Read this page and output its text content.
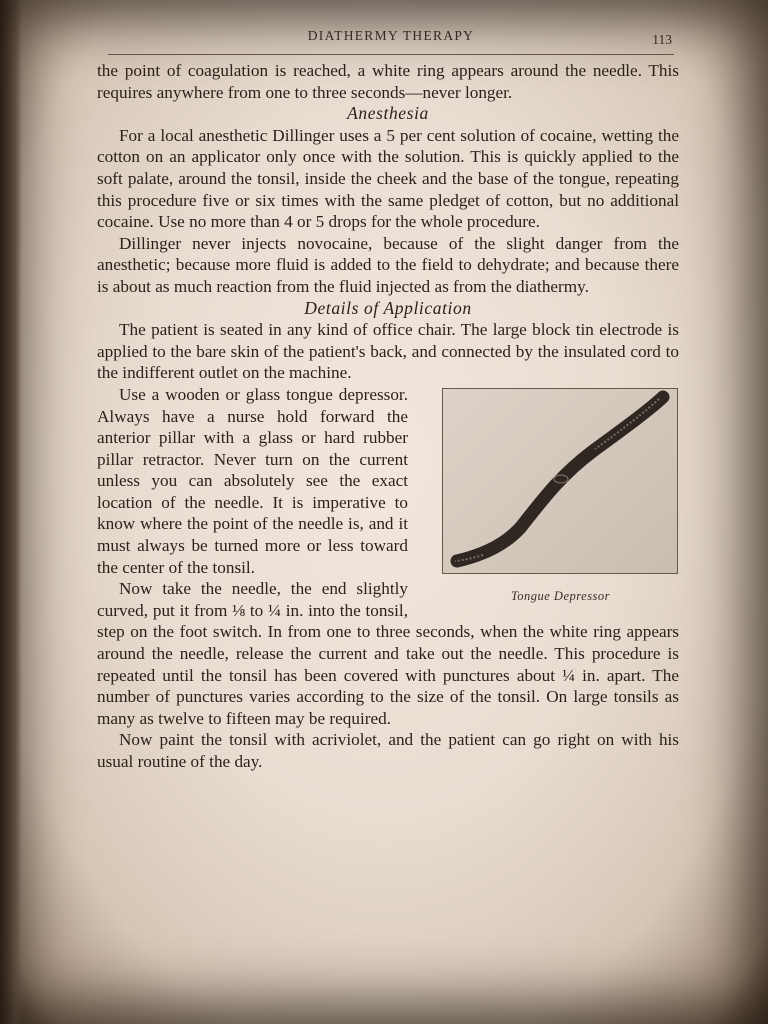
DIATHERMY THERAPY	113

the point of coagulation is reached, a white ring appears around the needle. This requires anywhere from one to three seconds—never longer.

Anesthesia

For a local anesthetic Dillinger uses a 5 per cent solution of cocaine, wetting the cotton on an applicator only once with the solution. This is quickly applied to the soft palate, around the tonsil, inside the cheek and the base of the tongue, repeating this procedure five or six times with the same pledget of cotton, but no additional cocaine. Use no more than 4 or 5 drops for the whole procedure.

Dillinger never injects novocaine, because of the slight danger from the anesthetic; because more fluid is added to the field to dehydrate; and because there is about as much reaction from the fluid injected as from the diathermy.

Details of Application

The patient is seated in any kind of office chair. The large block tin electrode is applied to the bare skin of the patient's back, and connected by the insulated cord to the indifferent outlet on the machine.

Tongue Depressor

Use a wooden or glass tongue depressor. Always have a nurse hold forward the anterior pillar with a glass or hard rubber pillar retractor. Never turn on the current unless you can absolutely see the exact location of the needle. It is imperative to know where the point of the needle is, and it must always be turned more or less toward the center of the tonsil.

Now take the needle, the end slightly curved, put it from ⅛ to ¼ in. into the tonsil, step on the foot switch. In from one to three seconds, when the white ring appears around the needle, release the current and take out the needle. This procedure is repeated until the tonsil has been covered with punctures about ¼ in. apart. The number of punctures varies according to the size of the tonsil. On large tonsils as many as twelve to fifteen may be required.

Now paint the tonsil with acriviolet, and the patient can go right on with his usual routine of the day.
